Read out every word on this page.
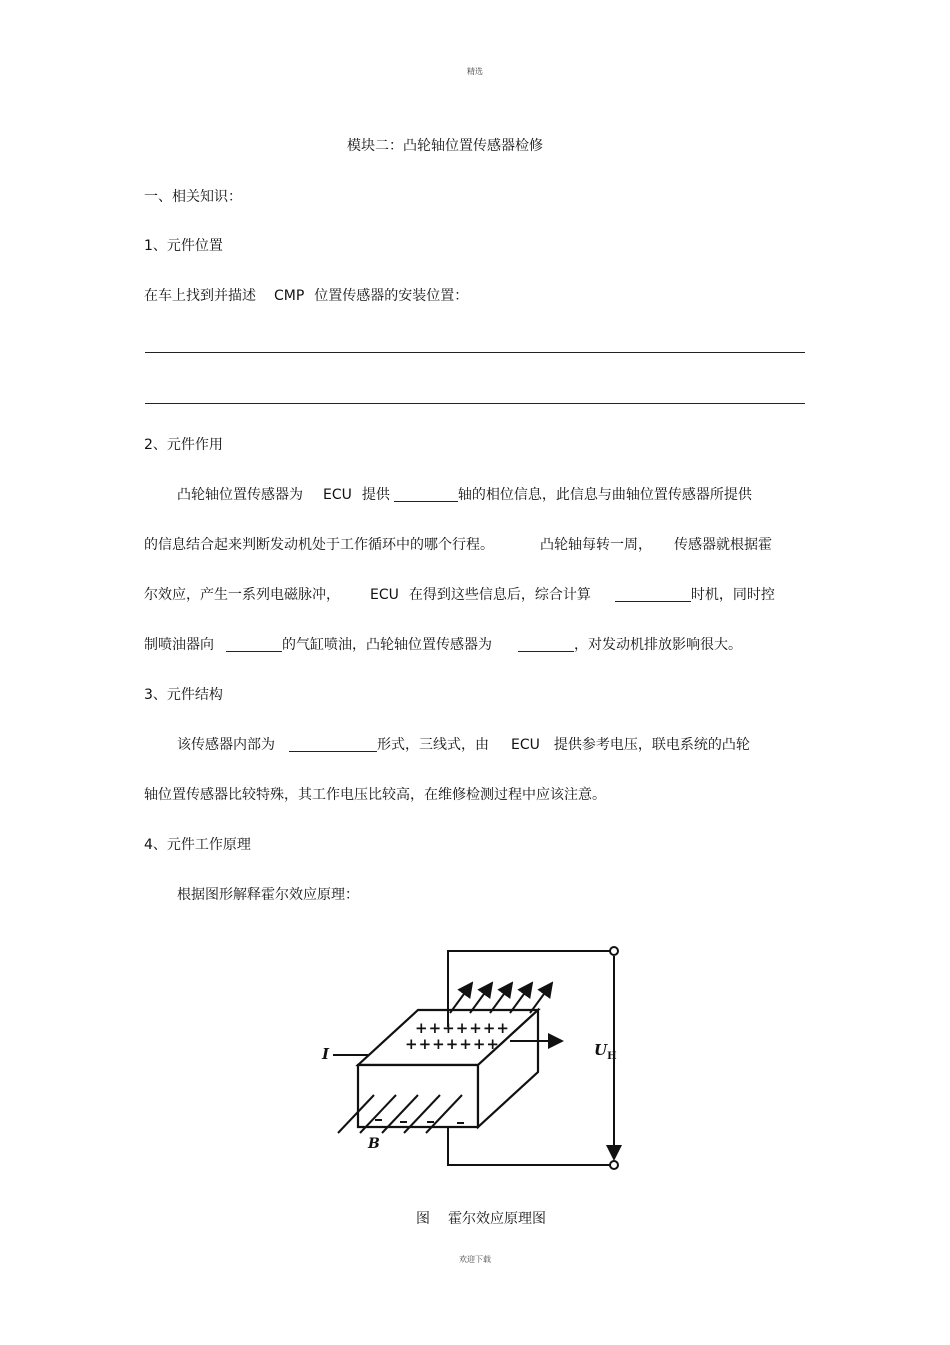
精选
模块二：凸轮轴位置传感器检修
一、相关知识：
1、元件位置
在车上找到并描述 CMP 位置传感器的安装位置：
2、元件作用
凸轮轴位置传感器为 ECU 提供	轴的相位信息，此信息与曲轴位置传感器所提供
的信息结合起来判断发动机处于工作循环中的哪个行程。	凸轮轴每转一周， 传感器就根据霍
尔效应，产生一系列电磁脉冲， ECU 在得到这些信息后，综合计算	时机，同时控
制喷油器向	的气缸喷油，凸轮轴位置传感器为	，对发动机排放影响很大。
3、元件结构
该传感器内部为	形式，三线式，由 ECU 提供参考电压，联电系统的凸轮
轴位置传感器比较特殊，其工作电压比较高，在维修检测过程中应该注意。
4、元件工作原理
根据图形解释霍尔效应原理：
+++++++
+++++++
I
B
$U_H$
图 霍尔效应原理图
欢迎下载
